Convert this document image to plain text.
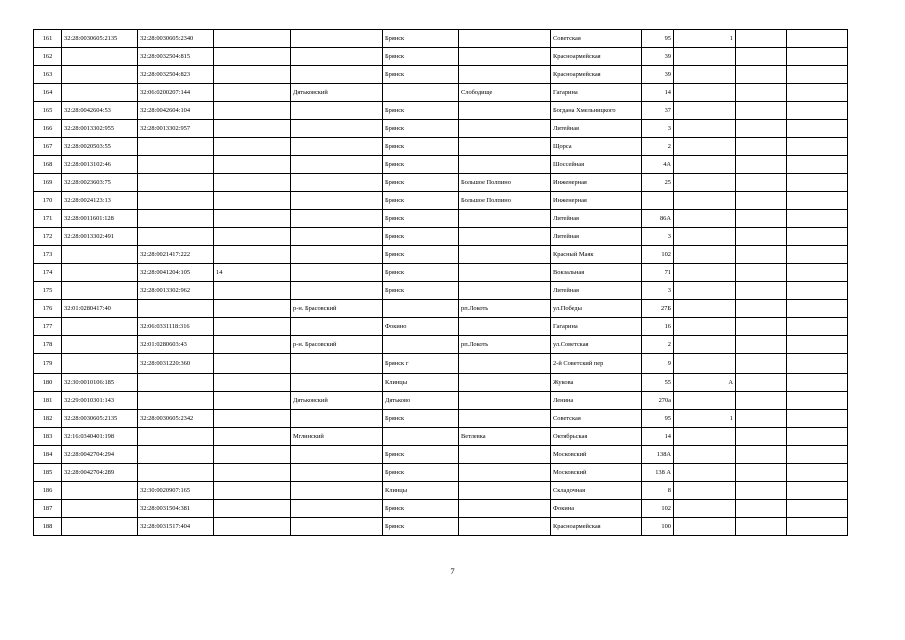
161	32:28:0030605:2135	32:28:0030605:2340			Брянск		Советская	95	1		
162		32:28:0032504:815			Брянск		Красноармейская	39			
163		32:28:0032504:823			Брянск		Красноармейская	39			
164		32:06:0200207:144		Дятьковский		Слободище	Гагарина	14			
165	32:28:0042604:53	32:28:0042604:104			Брянск		Богдана Хмельницкого	37			
166	32:28:0013302:955	32:28:0013302:957			Брянск		Литейная	3			
167	32:28:0020503:55				Брянск		Щорса	2			
168	32:28:0013102:46				Брянск		Шоссейная	4А			
169	32:28:0023603:75				Брянск	Большое Полпино	Инженерная	25			
170	32:28:0024123:13				Брянск	Большое Полпино	Инженерная				
171	32:28:0011601:128				Брянск		Литейная	86А			
172	32:28:0013302:491				Брянск		Литейная	3			
173		32:28:0021417:222			Брянск		Красный Маяк	102			
174		32:28:0041204:105	14		Брянск		Вокзальная	71			
175		32:28:0013302:962			Брянск		Литейная	3			
176	32:01:0280417:40			р-н. Брасовский		рп.Локоть	ул.Победы	27Б			
177		32:06:0331118:316			Фокино		Гагарина	16			
178		32:01:0280603:43		р-н. Брасовский		рп.Локоть	ул.Советская	2			
179		32:28:0031220:360			Брянск г		2-й Советский пер	9			
180	32:30:0010106:185				Клинцы		Жукова	55	А		
181	32:29:0010301:143			Дятьковский	Дятьково		Ленина	270а			
182	32:28:0030605:2135	32:28:0030605:2342			Брянск		Советская	95	1		
183	32:16:0340401:198			Мглинский		Ветлевка	Октябрьская	14			
184	32:28:0042704:294				Брянск		Московский	138А			
185	32:28:0042704:289				Брянск		Московский	138 А			
186		32:30:0020907:165			Клинцы		Складочная	8			
187		32:28:0031504:381			Брянск		Фокина	102			
188		32:28:0031517:404			Брянск		Красноармейская	100			
7
